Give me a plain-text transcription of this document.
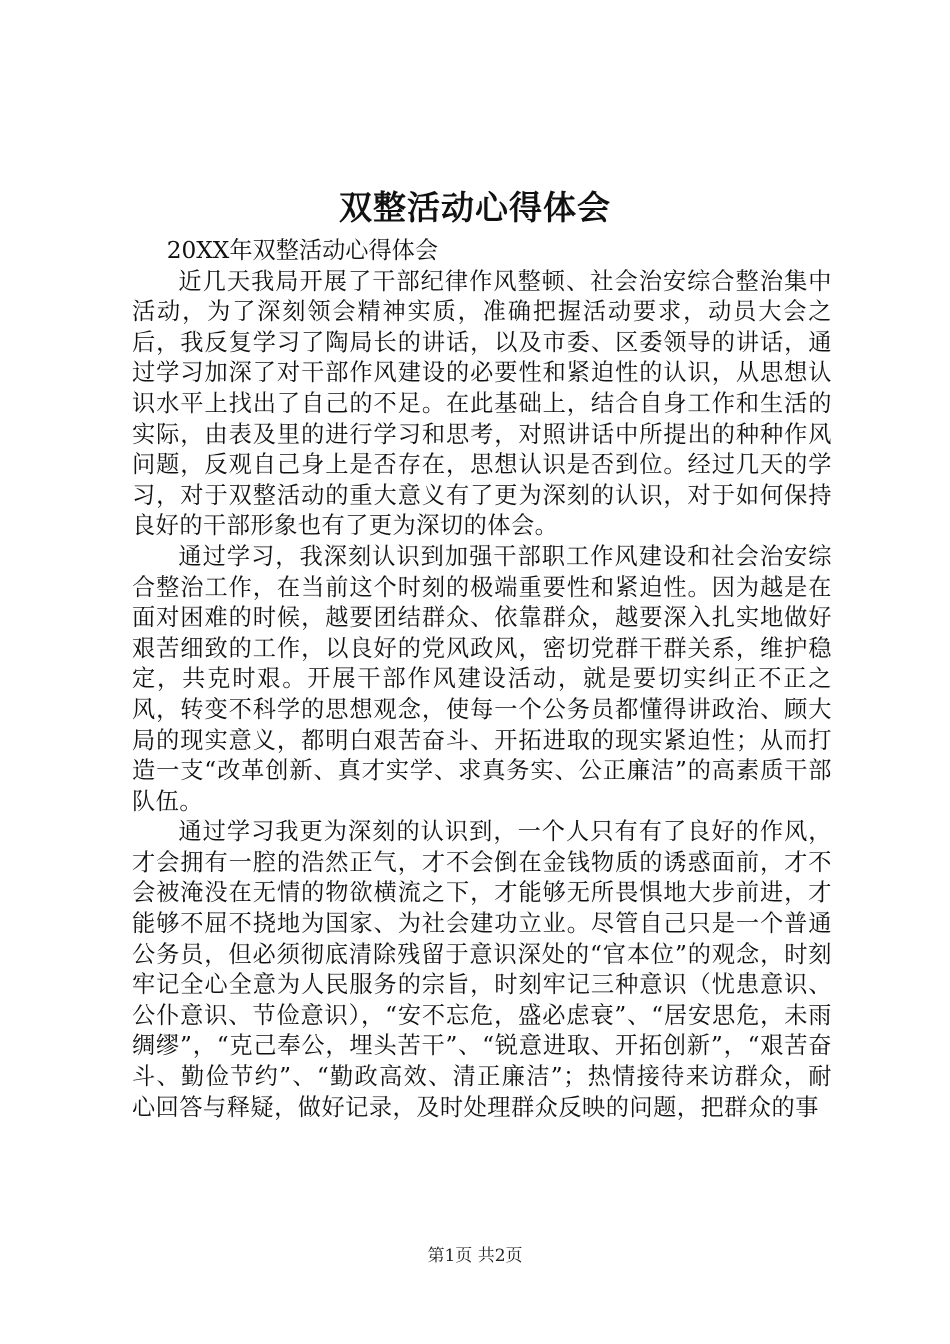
双整活动心得体会

20XX年双整活动心得体会

近几天我局开展了干部纪律作风整顿、社会治安综合整治集中活动，为了深刻领会精神实质，准确把握活动要求，动员大会之后，我反复学习了陶局长的讲话，以及市委、区委领导的讲话，通过学习加深了对干部作风建设的必要性和紧迫性的认识，从思想认识水平上找出了自己的不足。在此基础上，结合自身工作和生活的实际，由表及里的进行学习和思考，对照讲话中所提出的种种作风问题，反观自己身上是否存在，思想认识是否到位。经过几天的学习，对于双整活动的重大意义有了更为深刻的认识，对于如何保持良好的干部形象也有了更为深切的体会。

通过学习，我深刻认识到加强干部职工作风建设和社会治安综合整治工作，在当前这个时刻的极端重要性和紧迫性。因为越是在面对困难的时候，越要团结群众、依靠群众，越要深入扎实地做好艰苦细致的工作，以良好的党风政风，密切党群干群关系，维护稳定，共克时艰。开展干部作风建设活动，就是要切实纠正不正之风，转变不科学的思想观念，使每一个公务员都懂得讲政治、顾大局的现实意义，都明白艰苦奋斗、开拓进取的现实紧迫性；从而打造一支“改革创新、真才实学、求真务实、公正廉洁”的高素质干部队伍。

通过学习我更为深刻的认识到，一个人只有有了良好的作风，才会拥有一腔的浩然正气，才不会倒在金钱物质的诱惑面前，才不会被淹没在无情的物欲横流之下，才能够无所畏惧地大步前进，才能够不屈不挠地为国家、为社会建功立业。尽管自己只是一个普通公务员，但必须彻底清除残留于意识深处的“官本位”的观念，时刻牢记全心全意为人民服务的宗旨，时刻牢记三种意识（忧患意识、公仆意识、节俭意识），“安不忘危，盛必虑衰”、“居安思危，未雨绸缪”，“克己奉公，埋头苦干”、“锐意进取、开拓创新”，“艰苦奋斗、勤俭节约”、“勤政高效、清正廉洁”；热情接待来访群众，耐心回答与释疑，做好记录，及时处理群众反映的问题，把群众的事

第1页 共2页
